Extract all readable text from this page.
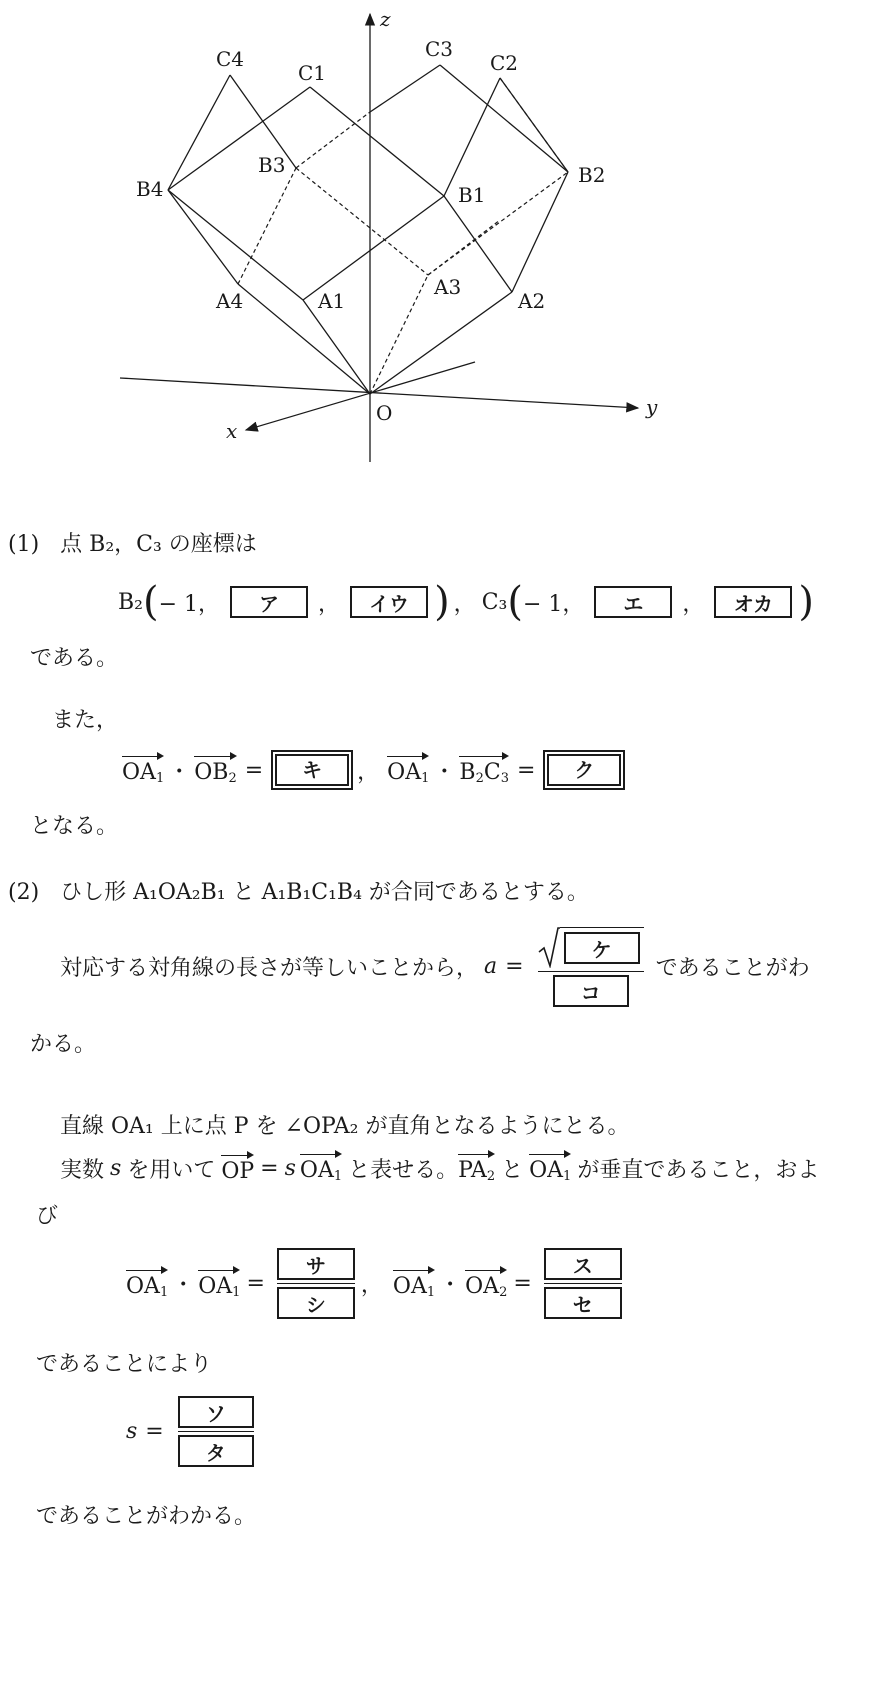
z
y
x
O
C4
C1
C3
C2
B4
B3
B1
B2
A4	A1
A3
A2
(1) 点 B₂，C₃ の座標は
B₂ ( − 1，	ア	，	イウ ) ， C₃ ( − 1，	エ	，	オカ )
である。
また，
$OA_1$ ・ $OB_2$ =	キ	， $OA_1$ ・ $B_2C_3$ =	ク
となる。
(2) ひし形 A₁OA₂B₁ と A₁B₁C₁B₄ が合同であるとする。
対応する対角線の長さが等しいことから， $a = \frac{\text{ケ}}{\text{コ}}$ であることがわ
かる。
直線 OA₁ 上に点 P を ∠OPA₂ が直角となるようにとる。
実数 s を用いて OP = s $OA_1$ と表せる。 $PA_2$ と $OA_1$ が垂直であること，およ
び
$OA_1$ ・ $OA_1 = \frac{\text{サ}}{\text{シ}}$ ， $OA_1$ ・ $OA_2 = \frac{\text{ス}}{\text{セ}}$
であることにより
$s = \frac{\text{ソ}}{\text{タ}}$
であることがわかる。
